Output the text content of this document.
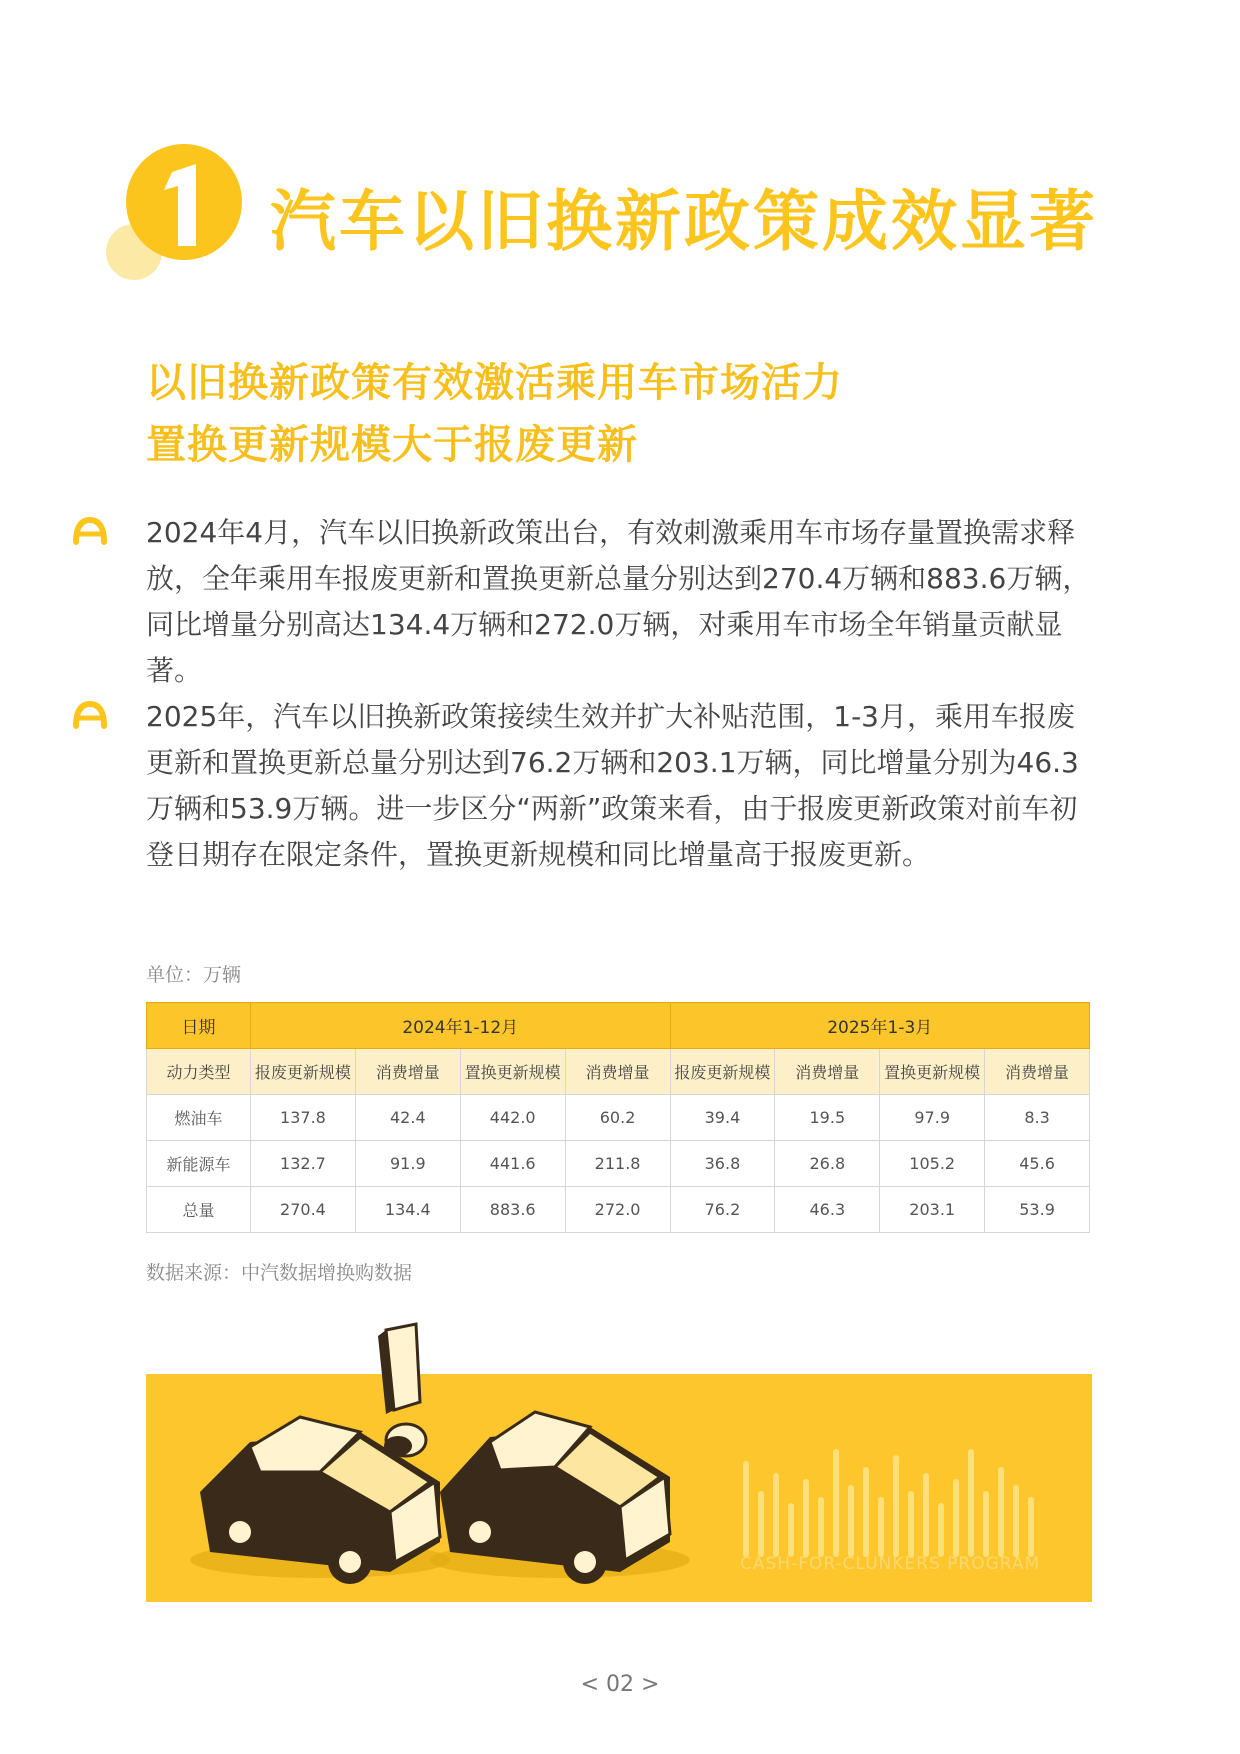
汽车以旧换新政策成效显著
以旧换新政策有效激活乘用车市场活力
置换更新规模大于报废更新

2024年4月，汽车以旧换新政策出台，有效刺激乘用车市场存量置换需求释放，全年乘用车报废更新和置换更新总量分别达到270.4万辆和883.6万辆，同比增量分别高达134.4万辆和272.0万辆，对乘用车市场全年销量贡献显著。

2025年，汽车以旧换新政策接续生效并扩大补贴范围，1-3月，乘用车报废更新和置换更新总量分别达到76.2万辆和203.1万辆，同比增量分别为46.3万辆和53.9万辆。进一步区分“两新”政策来看，由于报废更新政策对前车初登日期存在限定条件，置换更新规模和同比增量高于报废更新。

单位：万辆
日期	2024年1-12月				2025年1-3月			
动力类型	报废更新规模	消费增量	置换更新规模	消费增量	报废更新规模	消费增量	置换更新规模	消费增量
燃油车	137.8	42.4	442.0	60.2	39.4	19.5	97.9	8.3
新能源车	132.7	91.9	441.6	211.8	36.8	26.8	105.2	45.6
总量	270.4	134.4	883.6	272.0	76.2	46.3	203.1	53.9
数据来源：中汽数据增换购数据
CASH-FOR-CLUNKERS PROGRAM
< 02 >
